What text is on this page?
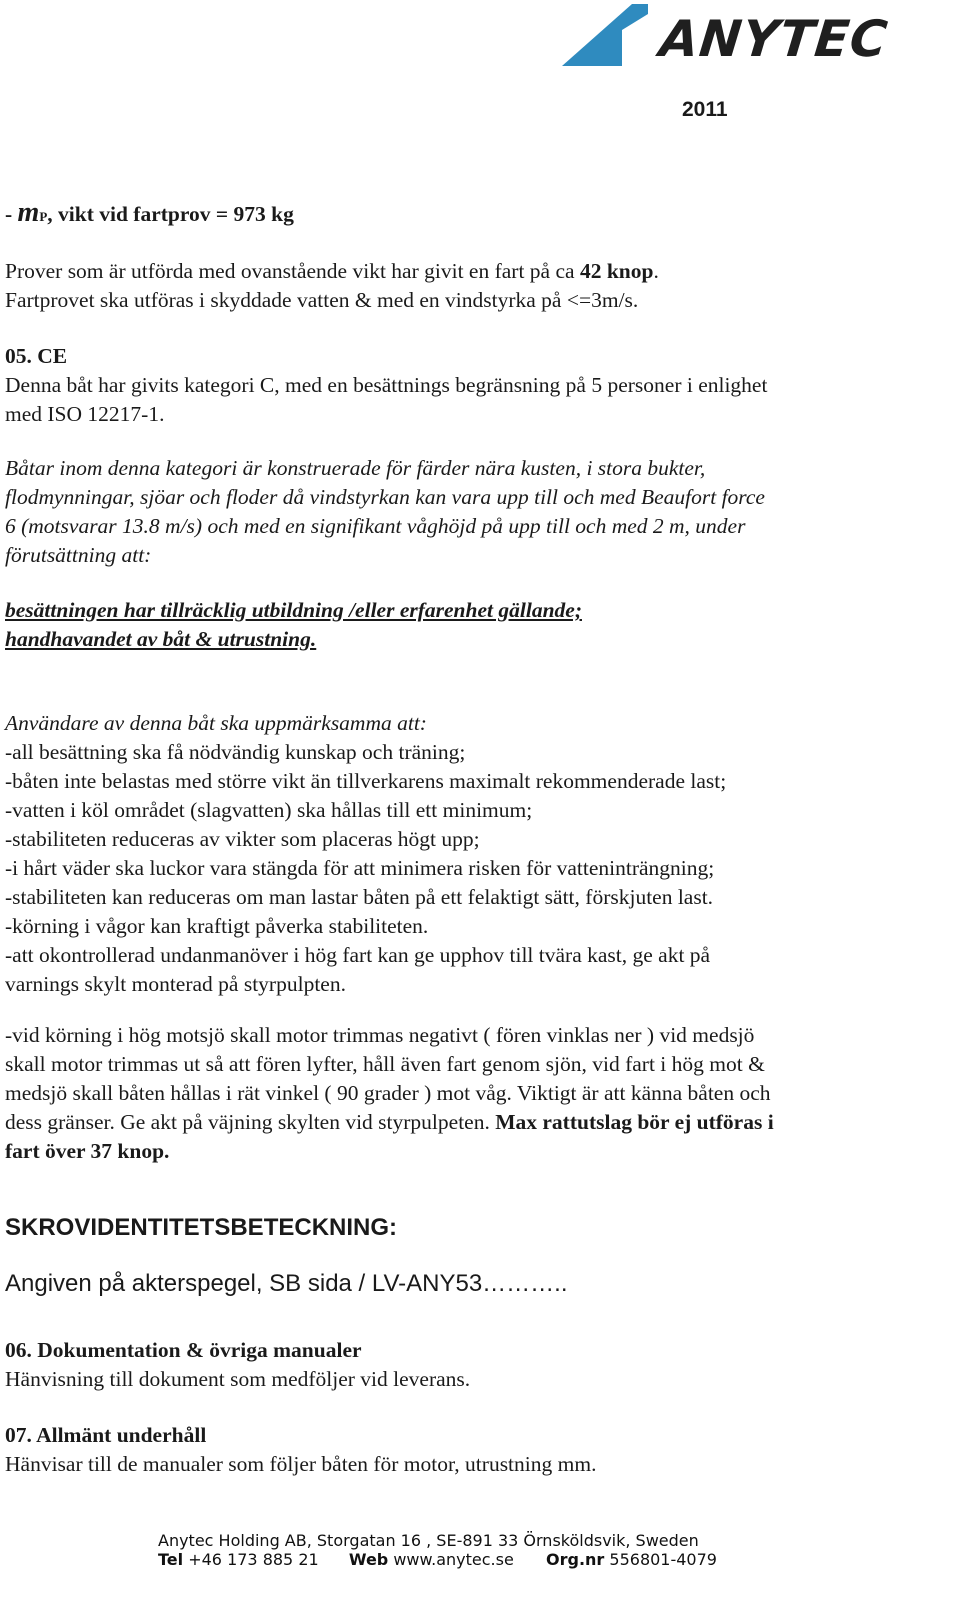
ANYTEC
2011
- mP, vikt vid fartprov = 973 kg
Prover som är utförda med ovanstående vikt har givit en fart på ca 42 knop.
Fartprovet ska utföras i skyddade vatten & med en vindstyrka på <=3m/s.
05. CE
Denna båt har givits kategori C, med en besättnings begränsning på 5 personer i enlighet
med ISO 12217-1.
Båtar inom denna kategori är konstruerade för färder nära kusten, i stora bukter,
flodmynningar, sjöar och floder då vindstyrkan kan vara upp till och med Beaufort force
6 (motsvarar 13.8 m/s) och med en signifikant våghöjd på upp till och med 2 m, under
förutsättning att:
besättningen har tillräcklig utbildning /eller erfarenhet gällande;
handhavandet av båt & utrustning.
Användare av denna båt ska uppmärksamma att:
-all besättning ska få nödvändig kunskap och träning;
-båten inte belastas med större vikt än tillverkarens maximalt rekommenderade last;
-vatten i köl området (slagvatten) ska hållas till ett minimum;
-stabiliteten reduceras av vikter som placeras högt upp;
-i hårt väder ska luckor vara stängda för att minimera risken för vatteninträngning;
-stabiliteten kan reduceras om man lastar båten på ett felaktigt sätt, förskjuten last.
-körning i vågor kan kraftigt påverka stabiliteten.
-att okontrollerad undanmanöver i hög fart kan ge upphov till tvära kast, ge akt på
varnings skylt monterad på styrpulpten.
-vid körning i hög motsjö skall motor trimmas negativt ( fören vinklas ner ) vid medsjö
skall motor trimmas ut så att fören lyfter, håll även fart genom sjön, vid fart i hög mot &
medsjö skall båten hållas i rät vinkel ( 90 grader ) mot våg. Viktigt är att känna båten och
dess gränser. Ge akt på väjning skylten vid styrpulpeten. Max rattutslag bör ej utföras i
fart över 37 knop.
SKROVIDENTITETSBETECKNING:
Angiven på akterspegel, SB sida / LV-ANY53………..
06. Dokumentation & övriga manualer
Hänvisning till dokument som medföljer vid leverans.
07. Allmänt underhåll
Hänvisar till de manualer som följer båten för motor, utrustning mm.
Anytec Holding AB, Storgatan 16 , SE-891 33 Örnsköldsvik, Sweden
Tel +46 173 885 21 Web www.anytec.se Org.nr 556801-4079
